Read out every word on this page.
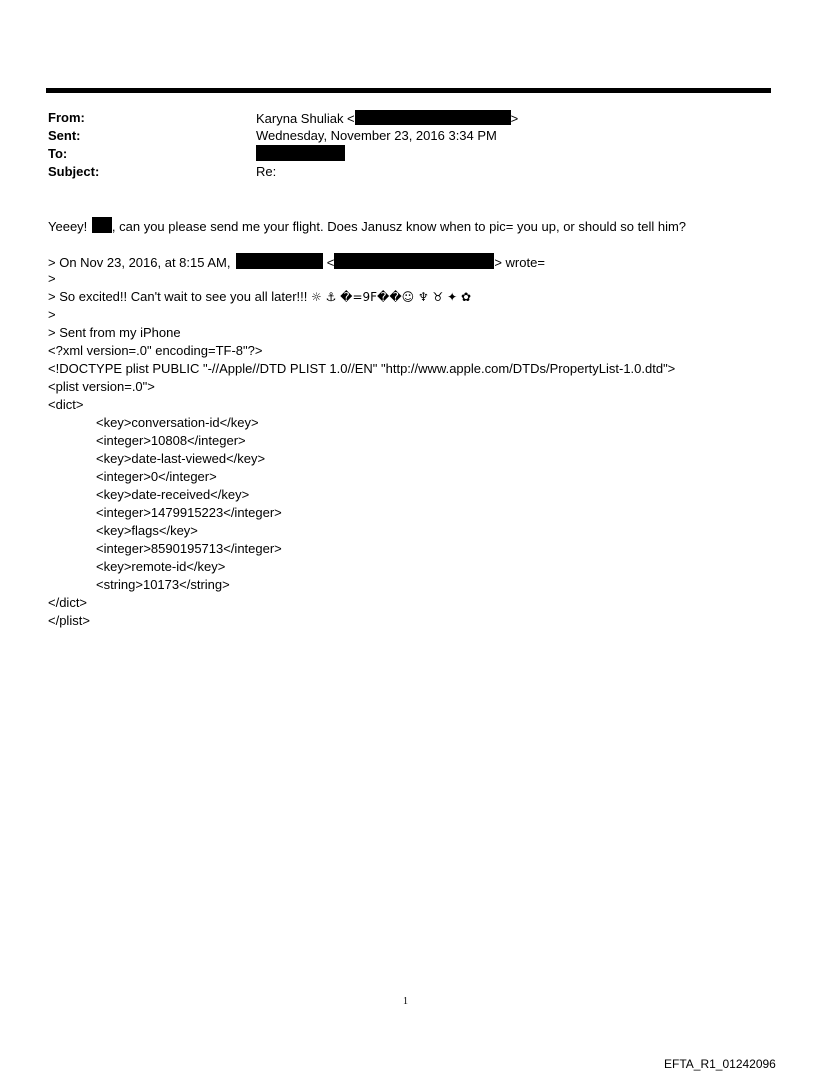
From:	Karyna Shuliak <	>
Sent:	Wednesday, November 23, 2016 3:34 PM
To:
Subject:	Re:
Yeeey! , can you please send me your flight. Does Janusz know when to pic= you up, or should so tell him?
> On Nov 23, 2016, at 8:15 AM,	<	> wrote=
>
> So excited!! Can't wait to see you all later!!! ☼ ⚓ �=9F��☺ ♆ ♉ ✦ ✿
>
> Sent from my iPhone
<?xml version=.0" encoding=TF-8"?>
<!DOCTYPE plist PUBLIC "-//Apple//DTD PLIST 1.0//EN" "http://www.apple.com/DTDs/PropertyList-1.0.dtd">
<plist version=.0">
<dict>
<key>conversation-id</key>
<integer>10808</integer>
<key>date-last-viewed</key>
<integer>0</integer>
<key>date-received</key>
<integer>1479915223</integer>
<key>flags</key>
<integer>8590195713</integer>
<key>remote-id</key>
<string>10173</string>
</dict>
</plist>
1
EFTA_R1_01242096
